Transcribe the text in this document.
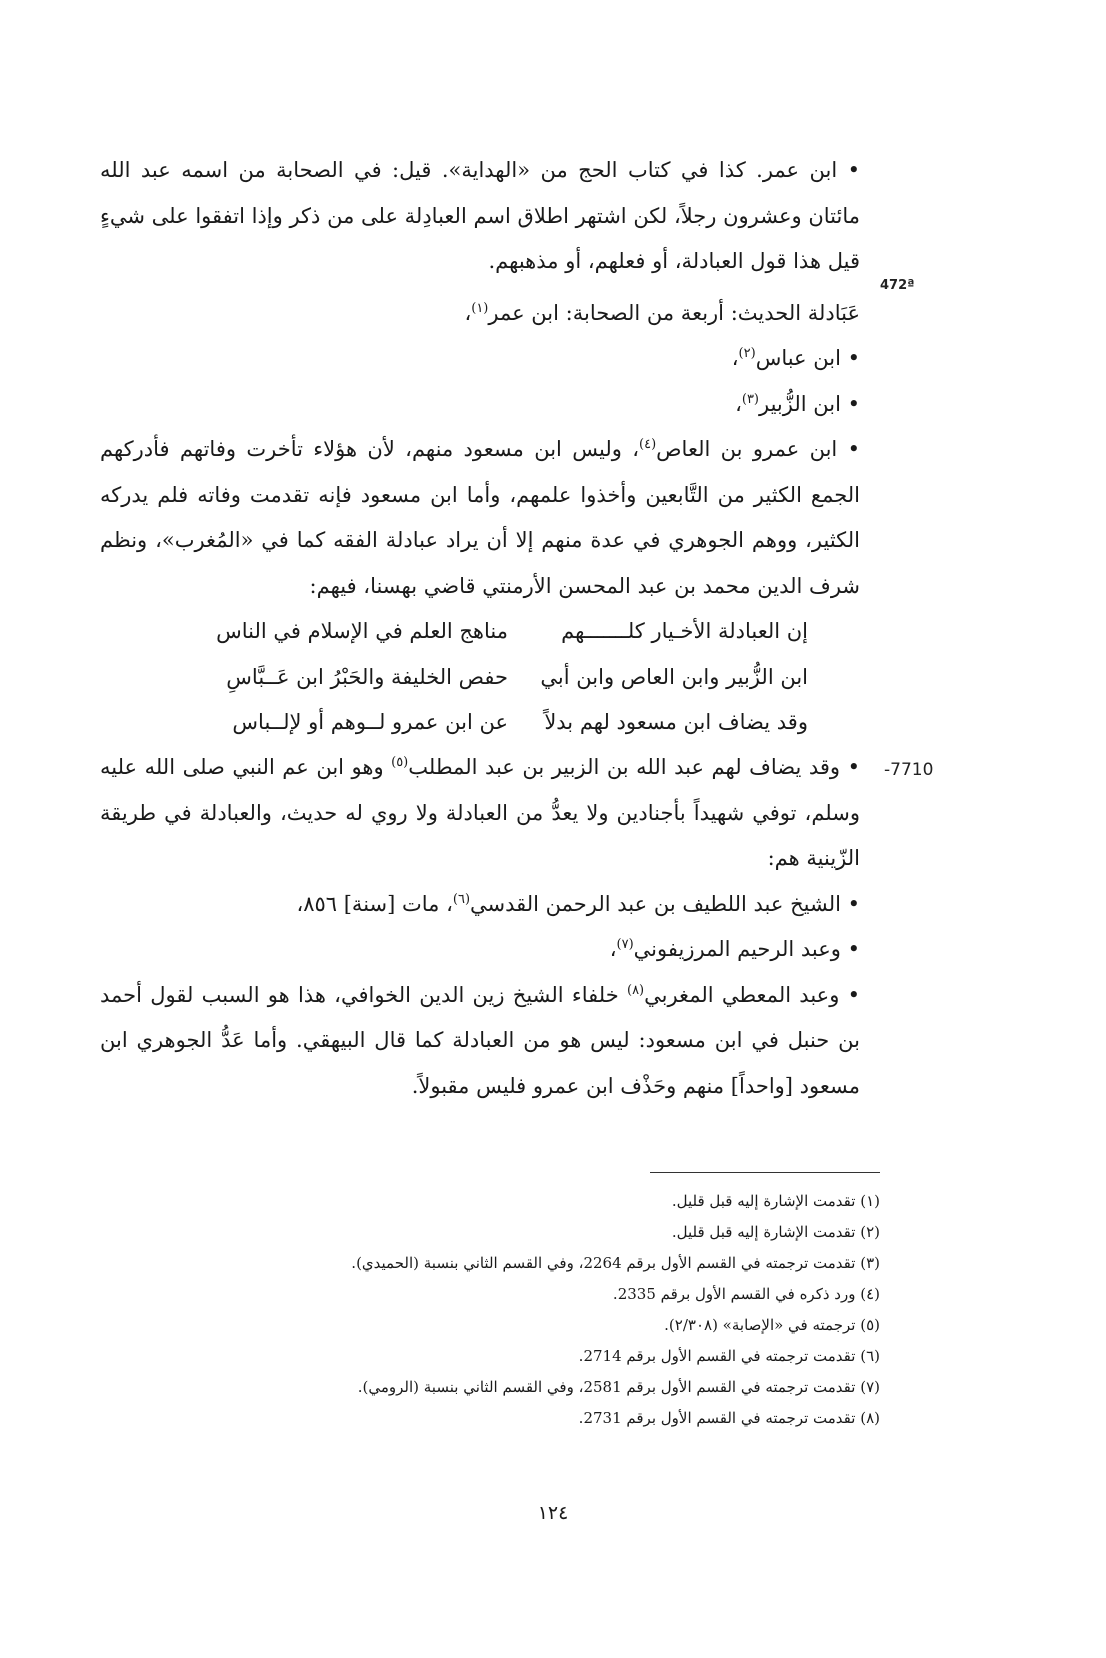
472ª
-7710

• ابن عمر. كذا في كتاب الحج من «الهداية». قيل: في الصحابة من اسمه عبد الله مائتان وعشرون رجلاً، لكن اشتهر اطلاق اسم العبادِلة على من ذكر وإذا اتفقوا على شيءٍ قيل هذا قول العبادلة، أو فعلهم، أو مذهبهم.

عَبَادلة الحديث: أربعة من الصحابة: ابن عمر$^{(١)}$،

• ابن عباس$^{(٢)}$،

• ابن الزُّبير$^{(٣)}$،

• ابن عمرو بن العاص$^{(٤)}$، وليس ابن مسعود منهم، لأن هؤلاء تأخرت وفاتهم فأدركهم الجمع الكثير من التَّابعين وأخذوا علمهم، وأما ابن مسعود فإنه تقدمت وفاته فلم يدركه الكثير، ووهم الجوهري في عدة منهم إلا أن يراد عبادلة الفقه كما في «المُغرب»، ونظم شرف الدين محمد بن عبد المحسن الأرمنتي قاضي بهسنا، فيهم:

إن العبادلة الأخـيار كلـــــــهم
مناهج العلم في الإسلام في الناس
ابن الزُّبير وابن العاص وابن أبي
حفص الخليفة والحَبْرُ ابن عَــبَّاسِ
وقد يضاف ابن مسعود لهم بدلاً
عن ابن عمرو لــوهم أو لإلــباس

• وقد يضاف لهم عبد الله بن الزبير بن عبد المطلب$^{(٥)}$ وهو ابن عم النبي صلى الله عليه وسلم، توفي شهيداً بأجنادين ولا يعدُّ من العبادلة ولا روي له حديث، والعبادلة في طريقة الزّينية هم:

• الشيخ عبد اللطيف بن عبد الرحمن القدسي$^{(٦)}$، مات [سنة] ٨٥٦،

• وعبد الرحيم المرزيفوني$^{(٧)}$،

• وعبد المعطي المغربي$^{(٨)}$ خلفاء الشيخ زين الدين الخوافي، هذا هو السبب لقول أحمد بن حنبل في ابن مسعود: ليس هو من العبادلة كما قال البيهقي. وأما عَدُّ الجوهري ابن مسعود [واحداً] منهم وحَذْف ابن عمرو فليس مقبولاً.

(١) تقدمت الإشارة إليه قبل قليل.
(٢) تقدمت الإشارة إليه قبل قليل.
(٣) تقدمت ترجمته في القسم الأول برقم 2264، وفي القسم الثاني بنسبة (الحميدي).
(٤) ورد ذكره في القسم الأول برقم 2335.
(٥) ترجمته في «الإصابة» (٢/٣٠٨).
(٦) تقدمت ترجمته في القسم الأول برقم 2714.
(٧) تقدمت ترجمته في القسم الأول برقم 2581، وفي القسم الثاني بنسبة (الرومي).
(٨) تقدمت ترجمته في القسم الأول برقم 2731.
١٢٤
